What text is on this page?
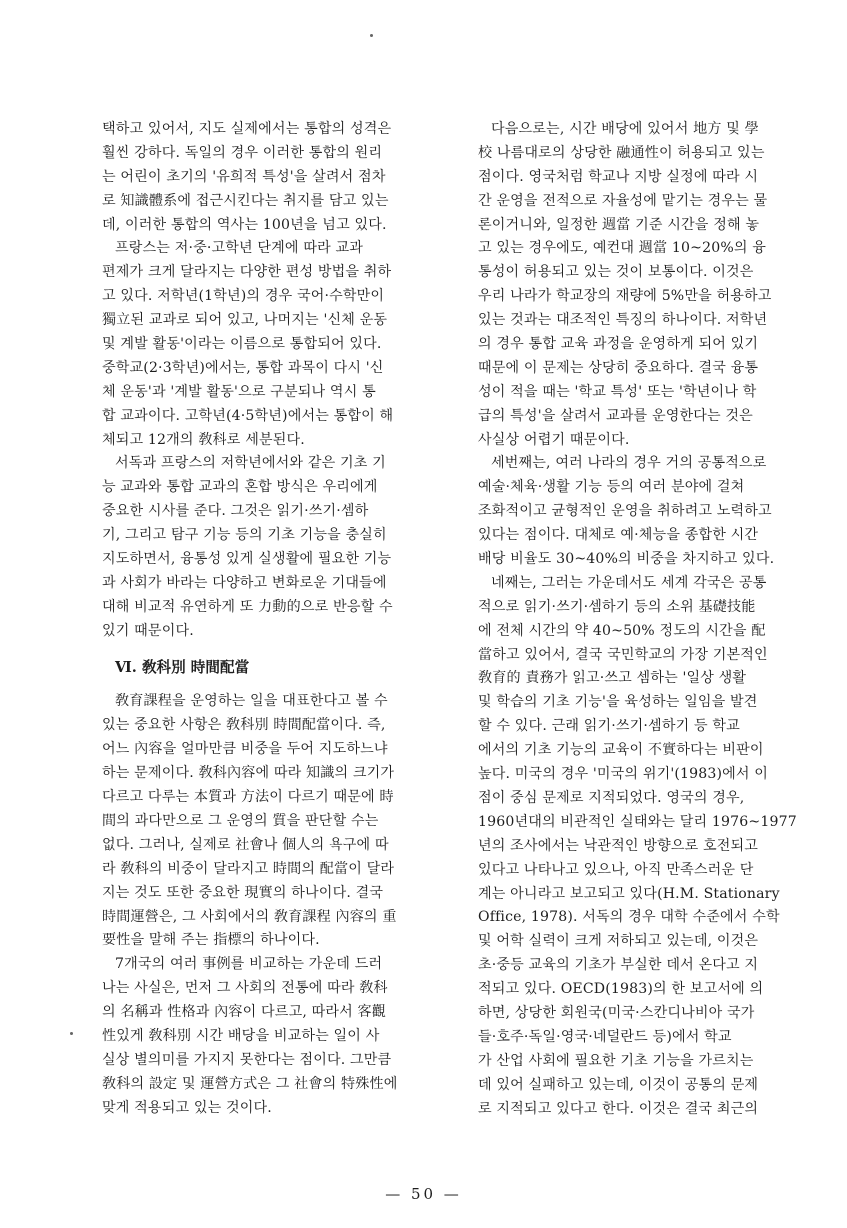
택하고 있어서, 지도 실제에서는 통합의 성격은
훨씬 강하다. 독일의 경우 이러한 통합의 원리
는 어린이 초기의 '유희적 특성'을 살려서 점차
로 知識體系에 접근시킨다는 취지를 담고 있는
데, 이러한 통합의 역사는 100년을 넘고 있다.
프랑스는 저·중·고학년 단계에 따라 교과
편제가 크게 달라지는 다양한 편성 방법을 취하
고 있다. 저학년(1학년)의 경우 국어·수학만이
獨立된 교과로 되어 있고, 나머지는 '신체 운동
및 계발 활동'이라는 이름으로 통합되어 있다.
중학교(2·3학년)에서는, 통합 과목이 다시 '신
체 운동'과 '계발 활동'으로 구분되나 역시 통
합 교과이다. 고학년(4·5학년)에서는 통합이 해
체되고 12개의 敎科로 세분된다.
서독과 프랑스의 저학년에서와 같은 기초 기
능 교과와 통합 교과의 혼합 방식은 우리에게
중요한 시사를 준다. 그것은 읽기·쓰기·셈하
기, 그리고 탐구 기능 등의 기초 기능을 충실히
지도하면서, 융통성 있게 실생활에 필요한 기능
과 사회가 바라는 다양하고 변화로운 기대들에
대해 비교적 유연하게 또 力動的으로 반응할 수
있기 때문이다.
Ⅵ. 敎科別 時間配當
敎育課程을 운영하는 일을 대표한다고 볼 수
있는 중요한 사항은 敎科別 時間配當이다. 즉,
어느 內容을 얼마만큼 비중을 두어 지도하느냐
하는 문제이다. 敎科內容에 따라 知識의 크기가
다르고 다루는 本質과 方法이 다르기 때문에 時
間의 과다만으로 그 운영의 質을 판단할 수는
없다. 그러나, 실제로 社會나 個人의 욕구에 따
라 敎科의 비중이 달라지고 時間의 配當이 달라
지는 것도 또한 중요한 現實의 하나이다. 결국
時間運營은, 그 사회에서의 敎育課程 內容의 重
要性을 말해 주는 指標의 하나이다.
7개국의 여러 事例를 비교하는 가운데 드러
나는 사실은, 먼저 그 사회의 전통에 따라 敎科
의 名稱과 性格과 內容이 다르고, 따라서 客觀
性있게 敎科別 시간 배당을 비교하는 일이 사
실상 별의미를 가지지 못한다는 점이다. 그만큼
敎科의 設定 및 運營方式은 그 社會의 特殊性에
맞게 적용되고 있는 것이다.
다음으로는, 시간 배당에 있어서 地方 및 學
校 나름대로의 상당한 融通性이 허용되고 있는
점이다. 영국처럼 학교나 지방 실정에 따라 시
간 운영을 전적으로 자율성에 맡기는 경우는 물
론이거니와, 일정한 週當 기준 시간을 정해 놓
고 있는 경우에도, 예컨대 週當 10~20%의 융
통성이 허용되고 있는 것이 보통이다. 이것은
우리 나라가 학교장의 재량에 5%만을 허용하고
있는 것과는 대조적인 특징의 하나이다. 저학년
의 경우 통합 교육 과정을 운영하게 되어 있기
때문에 이 문제는 상당히 중요하다. 결국 융통
성이 적을 때는 '학교 특성' 또는 '학년이나 학
급의 특성'을 살려서 교과를 운영한다는 것은
사실상 어렵기 때문이다.
세번째는, 여러 나라의 경우 거의 공통적으로
예술·체육·생활 기능 등의 여러 분야에 걸쳐
조화적이고 균형적인 운영을 취하려고 노력하고
있다는 점이다. 대체로 예·체능을 종합한 시간
배당 비율도 30~40%의 비중을 차지하고 있다.
네째는, 그러는 가운데서도 세계 각국은 공통
적으로 읽기·쓰기·셈하기 등의 소위 基礎技能
에 전체 시간의 약 40~50% 정도의 시간을 配
當하고 있어서, 결국 국민학교의 가장 기본적인
敎育的 責務가 읽고·쓰고 셈하는 '일상 생활
및 학습의 기초 기능'을 육성하는 일임을 발견
할 수 있다. 근래 읽기·쓰기·셈하기 등 학교
에서의 기초 기능의 교육이 不實하다는 비판이
높다. 미국의 경우 '미국의 위기'(1983)에서 이
점이 중심 문제로 지적되었다. 영국의 경우,
1960년대의 비관적인 실태와는 달리 1976~1977
년의 조사에서는 낙관적인 방향으로 호전되고
있다고 나타나고 있으나, 아직 만족스러운 단
계는 아니라고 보고되고 있다(H.M. Stationary
Office, 1978). 서독의 경우 대학 수준에서 수학
및 어학 실력이 크게 저하되고 있는데, 이것은
초·중등 교육의 기초가 부실한 데서 온다고 지
적되고 있다. OECD(1983)의 한 보고서에 의
하면, 상당한 회원국(미국·스칸디나비아 국가
들·호주·독일·영국·네덜란드 등)에서 학교
가 산업 사회에 필요한 기초 기능을 가르치는
데 있어 실패하고 있는데, 이것이 공통의 문제
로 지적되고 있다고 한다. 이것은 결국 최근의
— 50 —
